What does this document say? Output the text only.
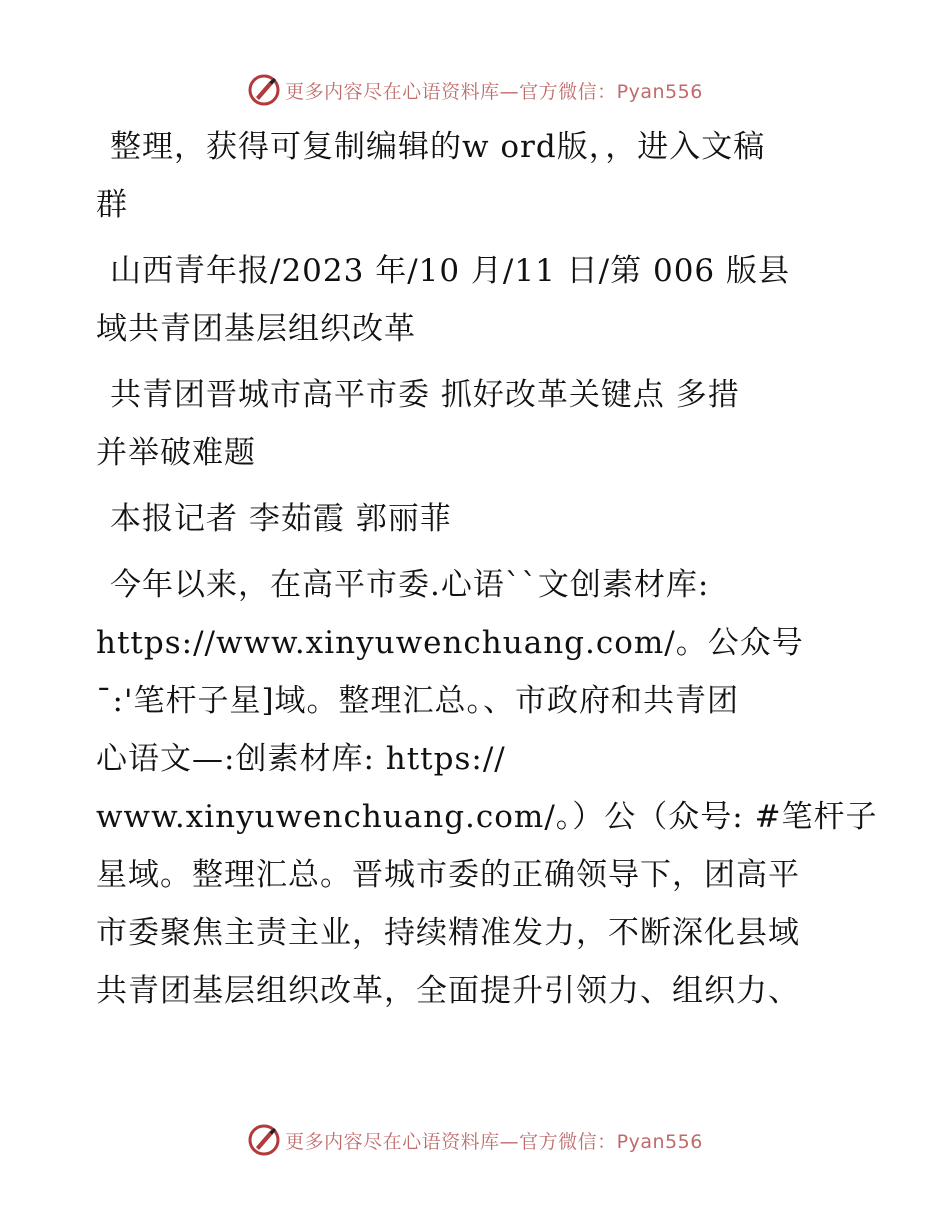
更多内容尽在心语资料库—官方微信：Pyan556

整理，获得可复制编辑的w ord版，，进入文稿
群

山西青年报/2023 年/10 月/11 日/第 006 版县
域共青团基层组织改革

共青团晋城市高平市委 抓好改革关键点 多措
并举破难题

本报记者 李茹霞 郭丽菲

今年以来，在高平市委.心语``文创素材库:
https://www.xinyuwenchuang.com/。公众号
ˉ:'笔杆子星]域。整理汇总。、市政府和共青团
心语文—:创素材库: https://
www.xinyuwenchuang.com/。）公（众号: #笔杆子
星域。整理汇总。晋城市委的正确领导下，团高平
市委聚焦主责主业，持续精准发力，不断深化县域
共青团基层组织改革，全面提升引领力、组织力、

更多内容尽在心语资料库—官方微信：Pyan556
